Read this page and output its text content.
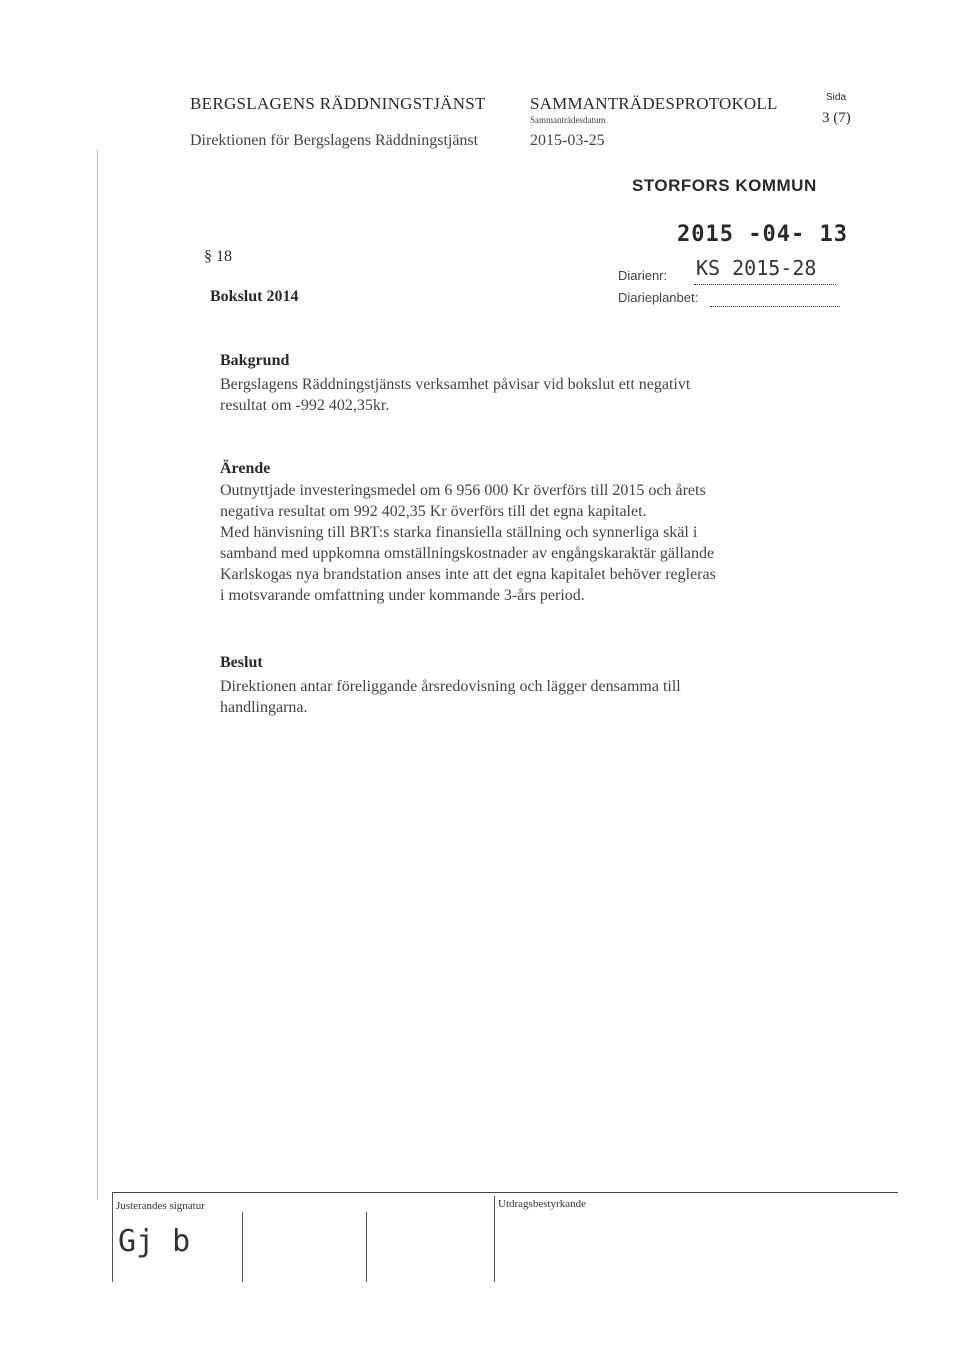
BERGSLAGENS RÄDDNINGSTJÄNST
Direktionen för Bergslagens Räddningstjänst
SAMMANTRÄDESPROTOKOLL
Sammanträdesdatum
2015-03-25
Sida
3 (7)
STORFORS KOMMUN
2015 -04- 13
Diarienr: KS 2015-28
Diarieplanbet:
§ 18
Bokslut 2014
Bakgrund
Bergslagens Räddningstjänsts verksamhet påvisar vid bokslut ett negativt
resultat om -992 402,35kr.
Ärende
Outnyttjade investeringsmedel om 6 956 000 Kr överförs till 2015 och årets
negativa resultat om 992 402,35 Kr överförs till det egna kapitalet.
Med hänvisning till BRT:s starka finansiella ställning och synnerliga skäl i
samband med uppkomna omställningskostnader av engångskaraktär gällande
Karlskogas nya brandstation anses inte att det egna kapitalet behöver regleras
i motsvarande omfattning under kommande 3-års period.
Beslut
Direktionen antar föreliggande årsredovisning och lägger densamma till
handlingarna.
Justerandes signatur	Utdragsbestyrkande
Gj b
